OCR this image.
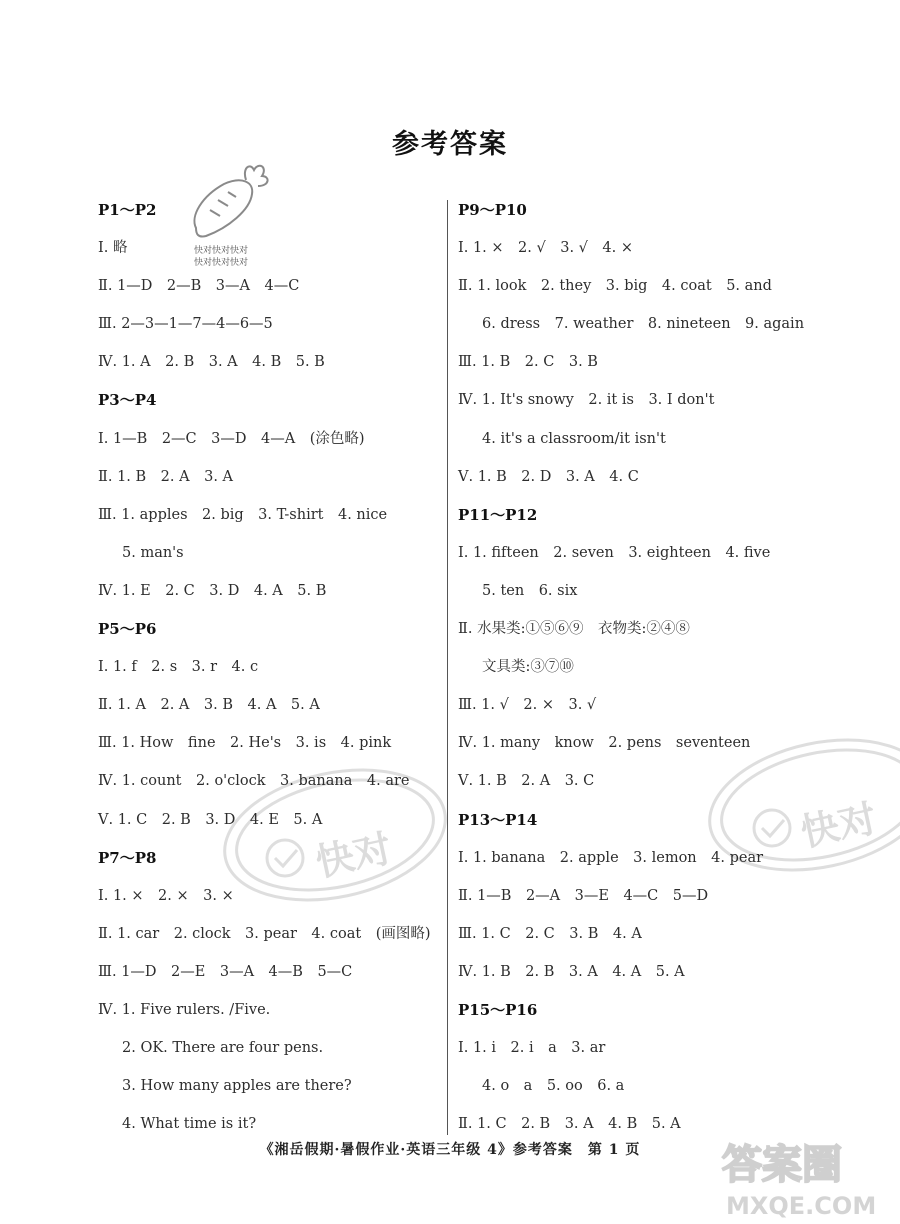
快对
快对
参考答案
快对快对快对
快对快对快对
P1～P2
Ⅰ. 略
Ⅱ. 1—D　2—B　3—A　4—C
Ⅲ. 2—3—1—7—4—6—5
Ⅳ. 1. A　2. B　3. A　4. B　5. B
P3～P4
Ⅰ. 1—B　2—C　3—D　4—A　(涂色略)
Ⅱ. 1. B　2. A　3. A
Ⅲ. 1. apples　2. big　3. T-shirt　4. nice
5. man's
Ⅳ. 1. E　2. C　3. D　4. A　5. B
P5～P6
Ⅰ. 1. f　2. s　3. r　4. c
Ⅱ. 1. A　2. A　3. B　4. A　5. A
Ⅲ. 1. How　fine　2. He's　3. is　4. pink
Ⅳ. 1. count　2. o'clock　3. banana　4. are
Ⅴ. 1. C　2. B　3. D　4. E　5. A
P7～P8
Ⅰ. 1. ×　2. ×　3. ×
Ⅱ. 1. car　2. clock　3. pear　4. coat　(画图略)
Ⅲ. 1—D　2—E　3—A　4—B　5—C
Ⅳ. 1. Five rulers. /Five.
2. OK. There are four pens.
3. How many apples are there?
4. What time is it?
P9～P10
Ⅰ. 1. ×　2. √　3. √　4. ×
Ⅱ. 1. look　2. they　3. big　4. coat　5. and
6. dress　7. weather　8. nineteen　9. again
Ⅲ. 1. B　2. C　3. B
Ⅳ. 1. It's snowy　2. it is　3. I don't
4. it's a classroom/it isn't
Ⅴ. 1. B　2. D　3. A　4. C
P11～P12
Ⅰ. 1. fifteen　2. seven　3. eighteen　4. five
5. ten　6. six
Ⅱ. 水果类:①⑤⑥⑨　衣物类:②④⑧
文具类:③⑦⑩
Ⅲ. 1. √　2. ×　3. √
Ⅳ. 1. many　know　2. pens　seventeen
Ⅴ. 1. B　2. A　3. C
P13～P14
Ⅰ. 1. banana　2. apple　3. lemon　4. pear
Ⅱ. 1—B　2—A　3—E　4—C　5—D
Ⅲ. 1. C　2. C　3. B　4. A
Ⅳ. 1. B　2. B　3. A　4. A　5. A
P15～P16
Ⅰ. 1. i　2. i　a　3. ar
4. o　a　5. oo　6. a
Ⅱ. 1. C　2. B　3. A　4. B　5. A
《湘岳假期·暑假作业·英语三年级 4》参考答案　第 1 页	答案圈
MXQE.COM
